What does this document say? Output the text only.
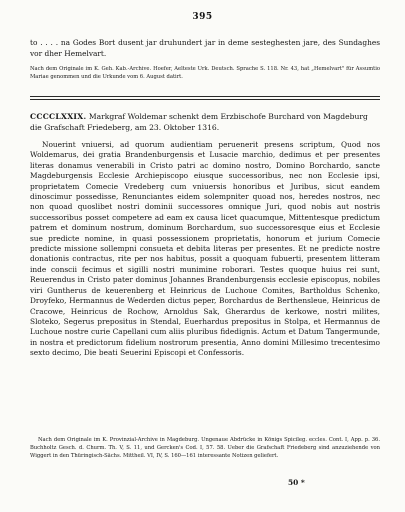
395

to . . . . na Godes Bort dusent jar druhundert jar in deme sesteghesten jare, des Sundaghes vor dher Hemelvart.

Nach dem Originale im K. Geh. Kab.-Archive. Hoefer, Aelteste Urk. Deutsch. Sprache S. 118. Nr. 43, hat „Hemelvart" für Assumtio Mariae genommen und die Urkunde vom 6. August datirt.

CCCCLXXIX. Markgraf Woldemar schenkt dem Erzbischofe Burchard von Magdeburg die Grafschaft Friedeberg, am 23. Oktober 1316.

Nouerint vniuersi, ad quorum audientiam peruenerit presens scriptum, Quod nos Woldemarus, dei gratia Brandenburgensis et Lusacie marchio, dedimus et per presentes literas donamus venerabili in Cristo patri ac domino nostro, Domino Borchardo, sancte Magdeburgensis Ecclesie Archiepiscopo eiusque successoribus, nec non Ecclesie ipsi, proprietatem Comecie Vredeberg cum vniuersis honoribus et Juribus, sicut eandem dinoscimur possedisse, Renunciantes eidem solempniter quoad nos, heredes nostros, nec non quoad quoslibet nostri dominii successores omnique Juri, quod nobis aut nostris successoribus posset competere ad eam ex causa licet quacumque, Mittentesque predictum patrem et dominum nostrum, dominum Borchardum, suo successoresque eius et Ecclesie sue predicte nomine, in quasi possessionem proprietatis, honorum et jurium Comecie predicte missione sollempni consueta et debita literas per presentes. Et ne predicte nostre donationis contractus, rite per nos habitus, possit a quoquam fubuerti, presentem litteram inde conscii fecimus et sigilli nostri munimine roborari. Testes quoque huius rei sunt, Reuerendus in Cristo pater dominus Johannes Brandenburgensis ecclesie episcopus, nobiles viri Guntherus de keuerenberg et Heinricus de Luchoue Comites, Bartholdus Schenko, Droyfeko, Hermannus de Wederden dictus peper, Borchardus de Berthensleue, Heinricus de Cracowe, Heinricus de Rochow, Arnoldus Sak, Gherardus de kerkowe, nostri milites, Sloteko, Segerus prepositus in Stendal, Euerhardus prepositus in Stolpa, et Hermannus de Luchoue nostre curie Capellani cum aliis pluribus fidedignis. Actum et Datum Tangermunde, in nostra et predictorum fidelium nostrorum presentia, Anno domini Millesimo trecentesimo sexto decimo, Die beati Seuerini Episcopi et Confessoris.

Nach dem Originale im K. Provinzial-Archive in Magdeburg. Ungenaue Abdrücke in Königs Spicileg. eccles. Cont. I, App. p. 36. Buchholtz Gesch. d. Churm. Th. V, S. 11, und Gercken's Cod. I, 57. 58. Ueber die Grafschaft Friedeberg sind anzuziehende von Wiggert in den Thüringisch-Sächs. Mittheil. VI, IV, S. 160—161 interessante Notizen geliefert.

50 *
